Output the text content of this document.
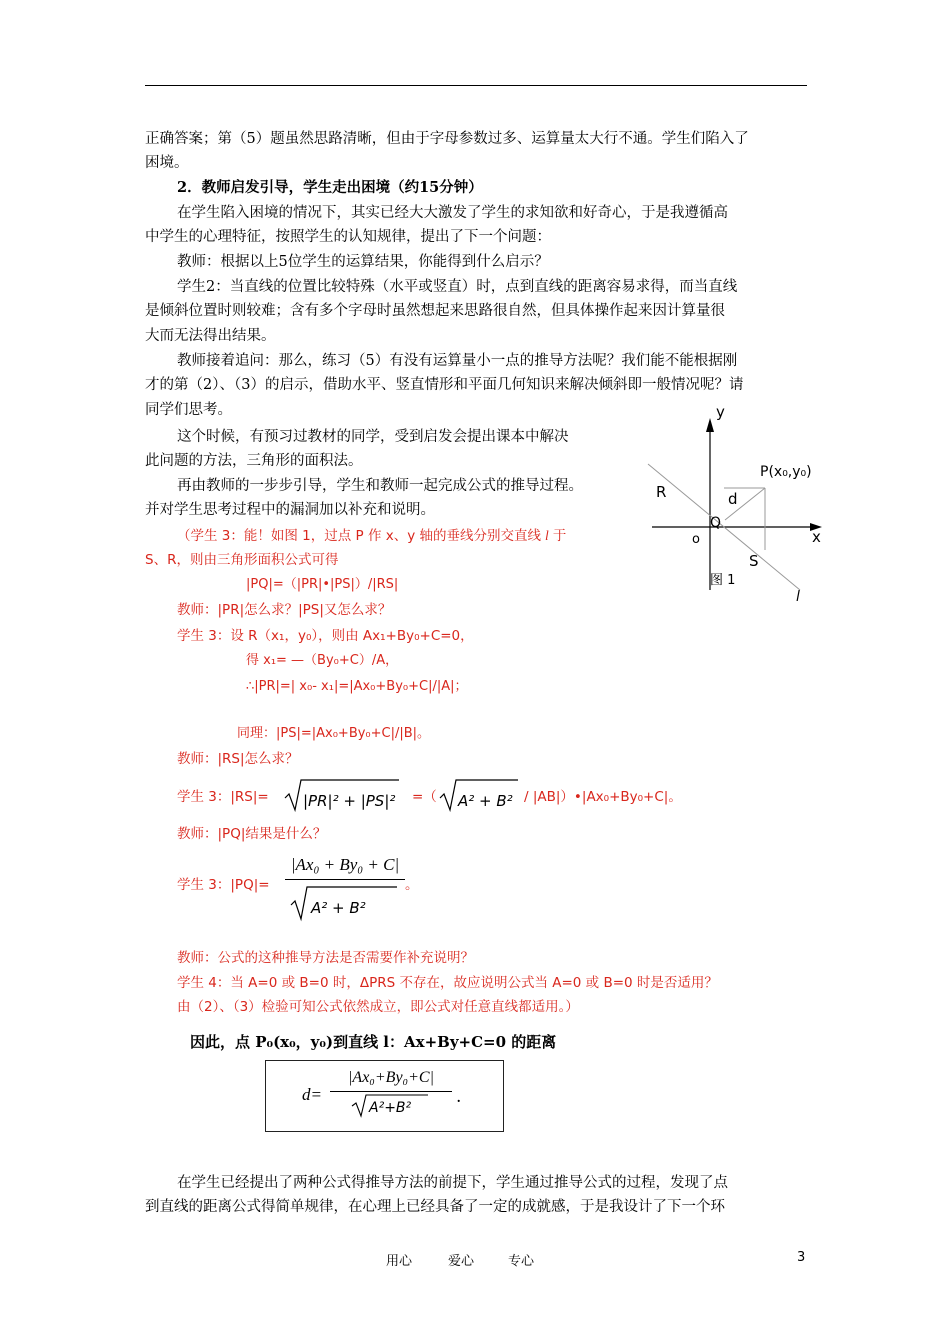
正确答案；第（5）题虽然思路清晰，但由于字母参数过多、运算量太大行不通。学生们陷入了
困境。
2．教师启发引导，学生走出困境（约15分钟）
在学生陷入困境的情况下，其实已经大大激发了学生的求知欲和好奇心，于是我遵循高
中学生的心理特征，按照学生的认知规律，提出了下一个问题：
教师：根据以上5位学生的运算结果，你能得到什么启示？
学生2：当直线的位置比较特殊（水平或竖直）时，点到直线的距离容易求得，而当直线
是倾斜位置时则较难；含有多个字母时虽然想起来思路很自然，但具体操作起来因计算量很
大而无法得出结果。
教师接着追问：那么，练习（5）有没有运算量小一点的推导方法呢？我们能不能根据刚
才的第（2）、（3）的启示，借助水平、竖直情形和平面几何知识来解决倾斜即一般情况呢？请
同学们思考。
这个时候，有预习过教材的同学，受到启发会提出课本中解决
此问题的方法，三角形的面积法。
再由教师的一步步引导，学生和教师一起完成公式的推导过程。
并对学生思考过程中的漏洞加以补充和说明。
y
x
o
P(x₀,y₀)
R	d
Q
S
l
图 1
（学生 3：能！如图 1，过点 P 作 x、y 轴的垂线分别交直线 l 于
S、R，则由三角形面积公式可得
|PQ|=（|PR|•|PS|）/|RS|
教师：|PR|怎么求？|PS|又怎么求？
学生 3：设 R（x₁，y₀），则由 Ax₁+By₀+C=0，
得 x₁= —（By₀+C）/A，
∴|PR|=| x₀- x₁|=|Ax₀+By₀+C|/|A|；
同理：|PS|=|Ax₀+By₀+C|/|B|。
教师：|RS|怎么求？
学生 3：|RS|= |PR|² + |PS|² =（ A² + B² / |AB|）•|Ax₀+By₀+C|。
教师：|PQ|结果是什么？
学生 3：|PQ|=
|Ax₀ + By₀ + C|
A² + B²
。
教师：公式的这种推导方法是否需要作补充说明？
学生 4：当 A=0 或 B=0 时，ΔPRS 不存在，故应说明公式当 A=0 或 B=0 时是否适用？
由（2）、（3）检验可知公式依然成立，即公式对任意直线都适用。）
因此，点 P₀(x₀，y₀)到直线 l：Ax+By+C=0 的距离
d=
|Ax₀+By₀+C|
A²+B²
.
在学生已经提出了两种公式得推导方法的前提下，学生通过推导公式的过程，发现了点
到直线的距离公式得简单规律，在心理上已经具备了一定的成就感，于是我设计了下一个环
用心	爱心	专心	3
